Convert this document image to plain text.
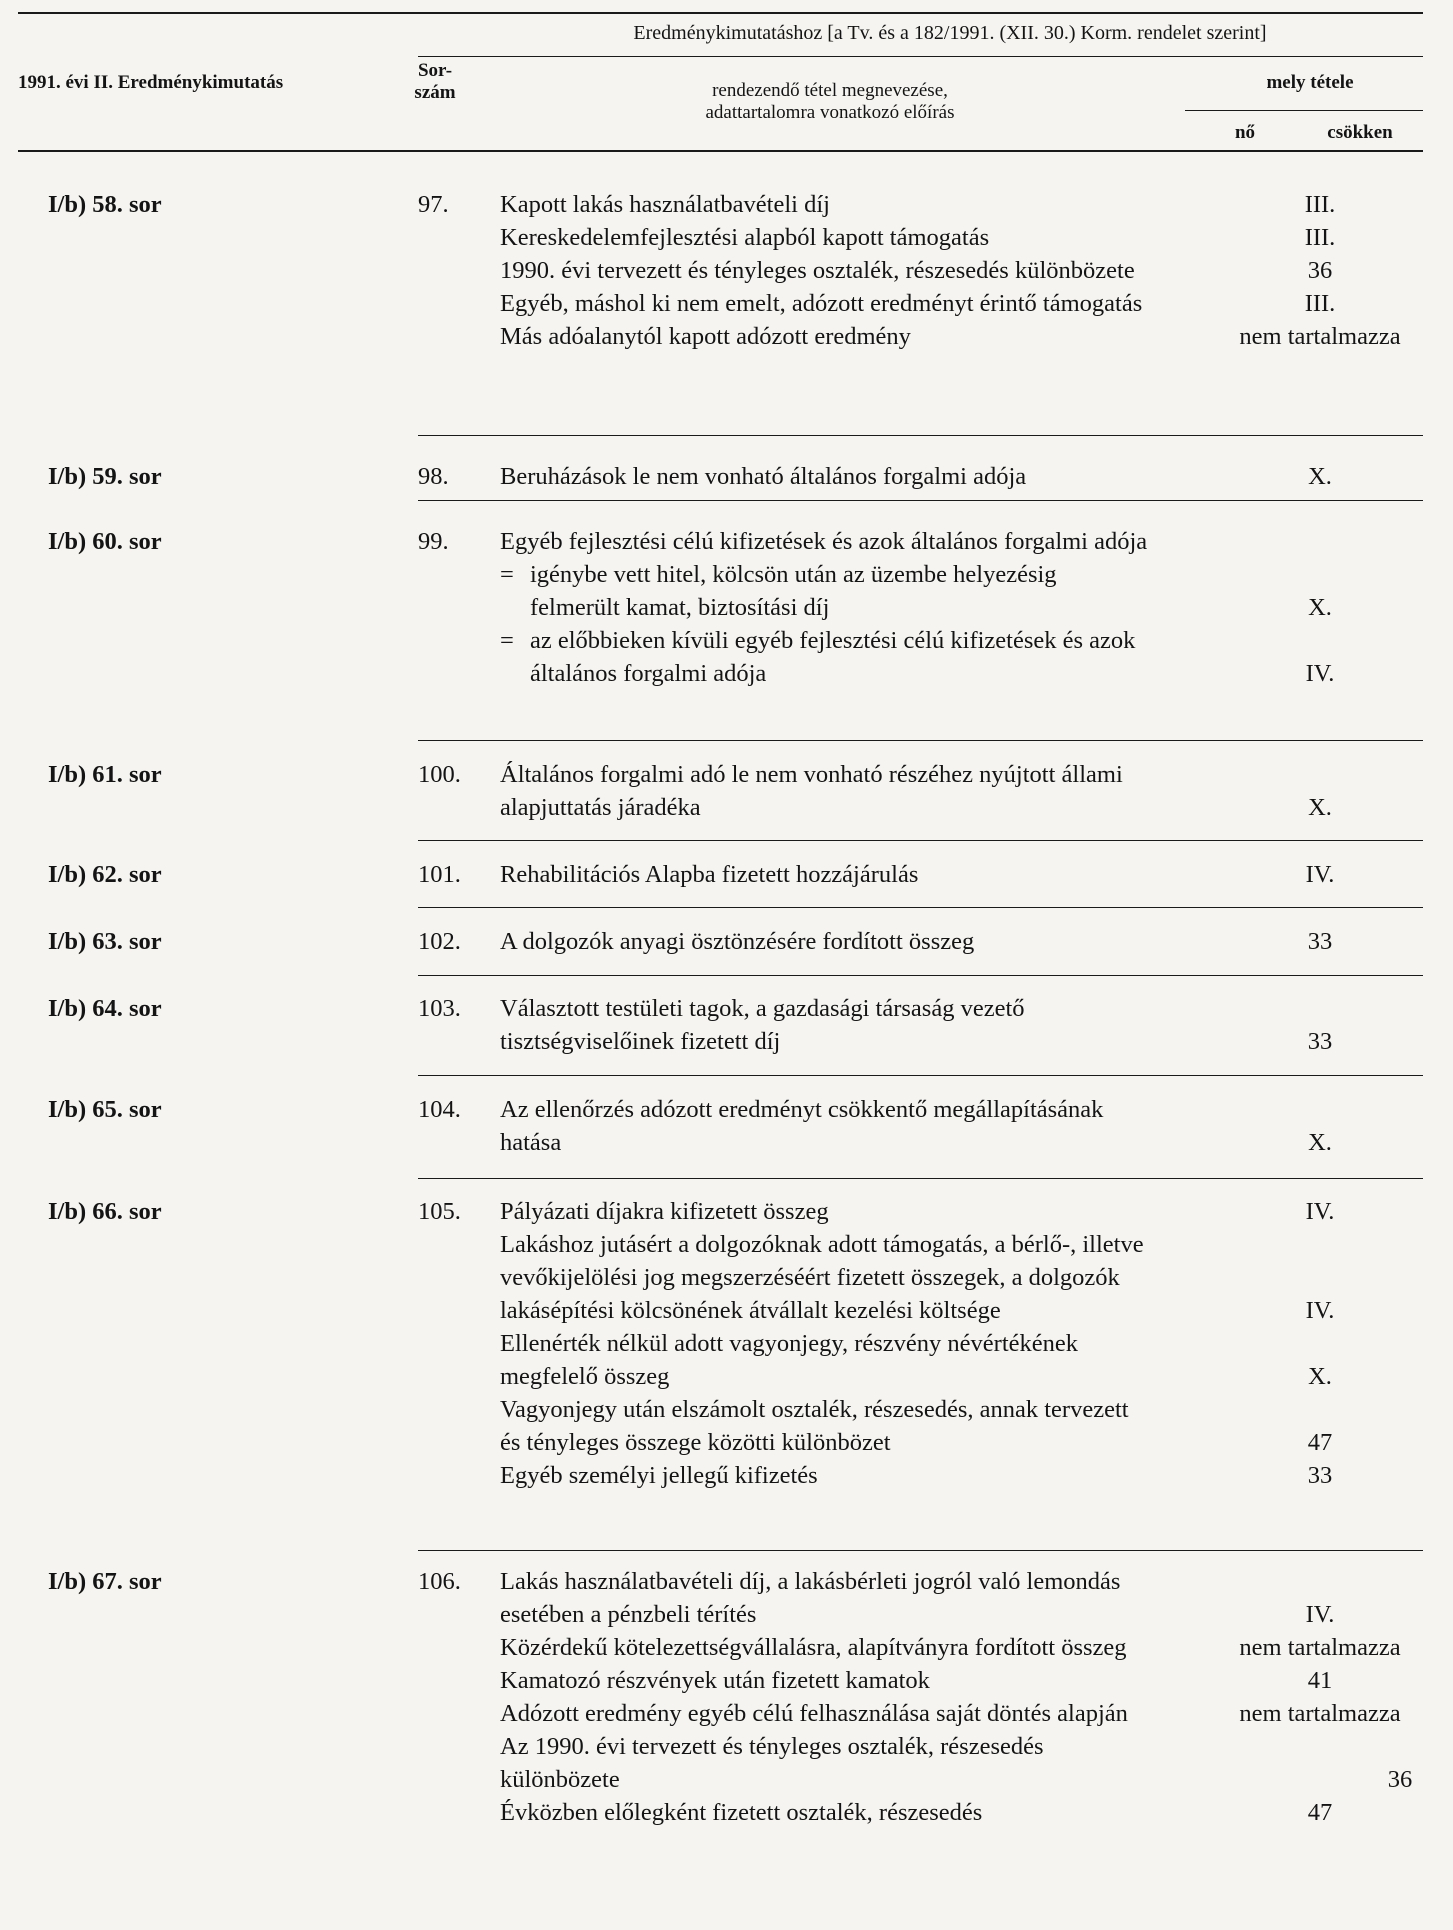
Eredménykimutatáshoz [a Tv. és a 182/1991. (XII. 30.) Korm. rendelet szerint]
1991. évi II. Eredménykimutatás
Sor-
szám	rendezendő tétel megnevezése,
adattartalomra vonatkozó előírás
mely tétele
nő	csökken
I/b) 58. sor	97.	Kapott lakás használatbavételi díj	III.
Kereskedelemfejlesztési alapból kapott támogatás	III.
1990. évi tervezett és tényleges osztalék, részesedés különbözete	36
Egyéb, máshol ki nem emelt, adózott eredményt érintő támogatás	III.
Más adóalanytól kapott adózott eredmény	nem tartalmazza
I/b) 59. sor	98.	Beruházások le nem vonható általános forgalmi adója	X.
I/b) 60. sor	99.	Egyéb fejlesztési célú kifizetések és azok általános forgalmi adója
= igénybe vett hitel, kölcsön után az üzembe helyezésig felmerült kamat, biztosítási díj	X.
= az előbbieken kívüli egyéb fejlesztési célú kifizetések és azok általános forgalmi adója	IV.
I/b) 61. sor	100.	Általános forgalmi adó le nem vonható részéhez nyújtott állami alapjuttatás járadéka	X.
I/b) 62. sor	101.	Rehabilitációs Alapba fizetett hozzájárulás	IV.
I/b) 63. sor	102.	A dolgozók anyagi ösztönzésére fordított összeg	33
I/b) 64. sor	103.	Választott testületi tagok, a gazdasági társaság vezető tisztségviselőinek fizetett díj	33
I/b) 65. sor	104.	Az ellenőrzés adózott eredményt csökkentő megállapításának hatása	X.
I/b) 66. sor	105.	Pályázati díjakra kifizetett összeg	IV.
Lakáshoz jutásért a dolgozóknak adott támogatás, a bérlő-, illetve vevőkijelölési jog megszerzéséért fizetett összegek, a dolgozók lakásépítési kölcsönének átvállalt kezelési költsége	IV.
Ellenérték nélkül adott vagyonjegy, részvény névértékének megfelelő összeg	X.
Vagyonjegy után elszámolt osztalék, részesedés, annak tervezett és tényleges összege közötti különbözet	47
Egyéb személyi jellegű kifizetés	33
I/b) 67. sor	106.	Lakás használatbavételi díj, a lakásbérleti jogról való lemondás esetében a pénzbeli térítés	IV.
Közérdekű kötelezettségvállalásra, alapítványra fordított összeg	nem tartalmazza
Kamatozó részvények után fizetett kamatok	41
Adózott eredmény egyéb célú felhasználása saját döntés alapján	nem tartalmazza
Az 1990. évi tervezett és tényleges osztalék, részesedés különbözete	36
Évközben előlegként fizetett osztalék, részesedés	47
